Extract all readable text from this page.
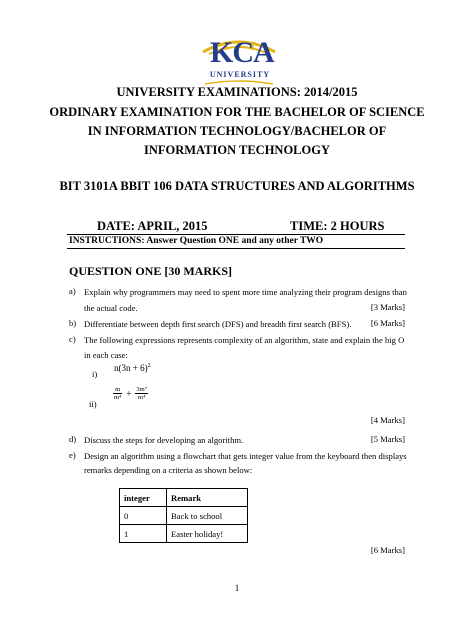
KCA
UNIVERSITY
UNIVERSITY EXAMINATIONS: 2014/2015
ORDINARY EXAMINATION FOR THE BACHELOR OF SCIENCE
IN INFORMATION TECHNOLOGY/BACHELOR OF
INFORMATION TECHNOLOGY
BIT 3101A BBIT 106 DATA STRUCTURES AND ALGORITHMS
DATE: APRIL, 2015	TIME: 2 HOURS
INSTRUCTIONS: Answer Question ONE and any other TWO
QUESTION ONE [30 MARKS]
a) Explain why programmers may need to spent more time analyzing their program designs than
the actual code.	[3 Marks]
b) Differentiate between depth first search (DFS) and breadth first search (BFS).	[6 Marks]
c) The following expressions represents complexity of an algorithm, state and explain the big O
in each case:
i)
$n(3n + 6)^2$
ii)
$\frac{m}{\text{m⁴}} + \frac{\text{3m⁷}}{\text{m⁴}}$
[4 Marks]
d) Discuss the steps for developing an algorithm.	[5 Marks]
e) Design an algorithm using a flowchart that gets integer value from the keyboard then displays
remarks depending on a criteria as shown below:
integer	Remark
0	Back to school
1	Easter holiday!
[6 Marks]
1
